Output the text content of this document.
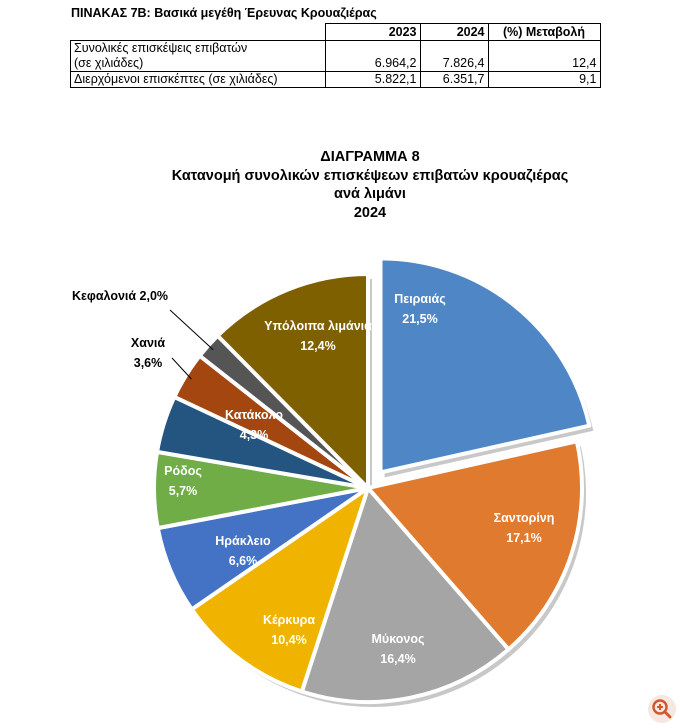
ΠΙΝΑΚΑΣ 7Β: Βασικά μεγέθη Έρευνας Κρουαζιέρας
	2023	2024	(%) Μεταβολή
Συνολικές επισκέψεις επιβατών
(σε χιλιάδες)	6.964,2	7.826,4	12,4
Διερχόμενοι επισκέπτες (σε χιλιάδες)	5.822,1	6.351,7	9,1
ΔΙΑΓΡΑΜΜΑ 8
Κατανομή συνολικών επισκέψεων επιβατών κρουαζιέρας
ανά λιμάνι
2024
Πειραιάς 21,5%
Σαντορίνη 17,1%
Μύκονος 16,4%
Κέρκυρα 10,4%
Ηράκλειο 6,6%
Ρόδος 5,7%
Κατάκολο 4,3%
Υπόλοιπα λιμάνια 12,4%
Κεφαλονιά 2,0%
Χανιά
3,6%
